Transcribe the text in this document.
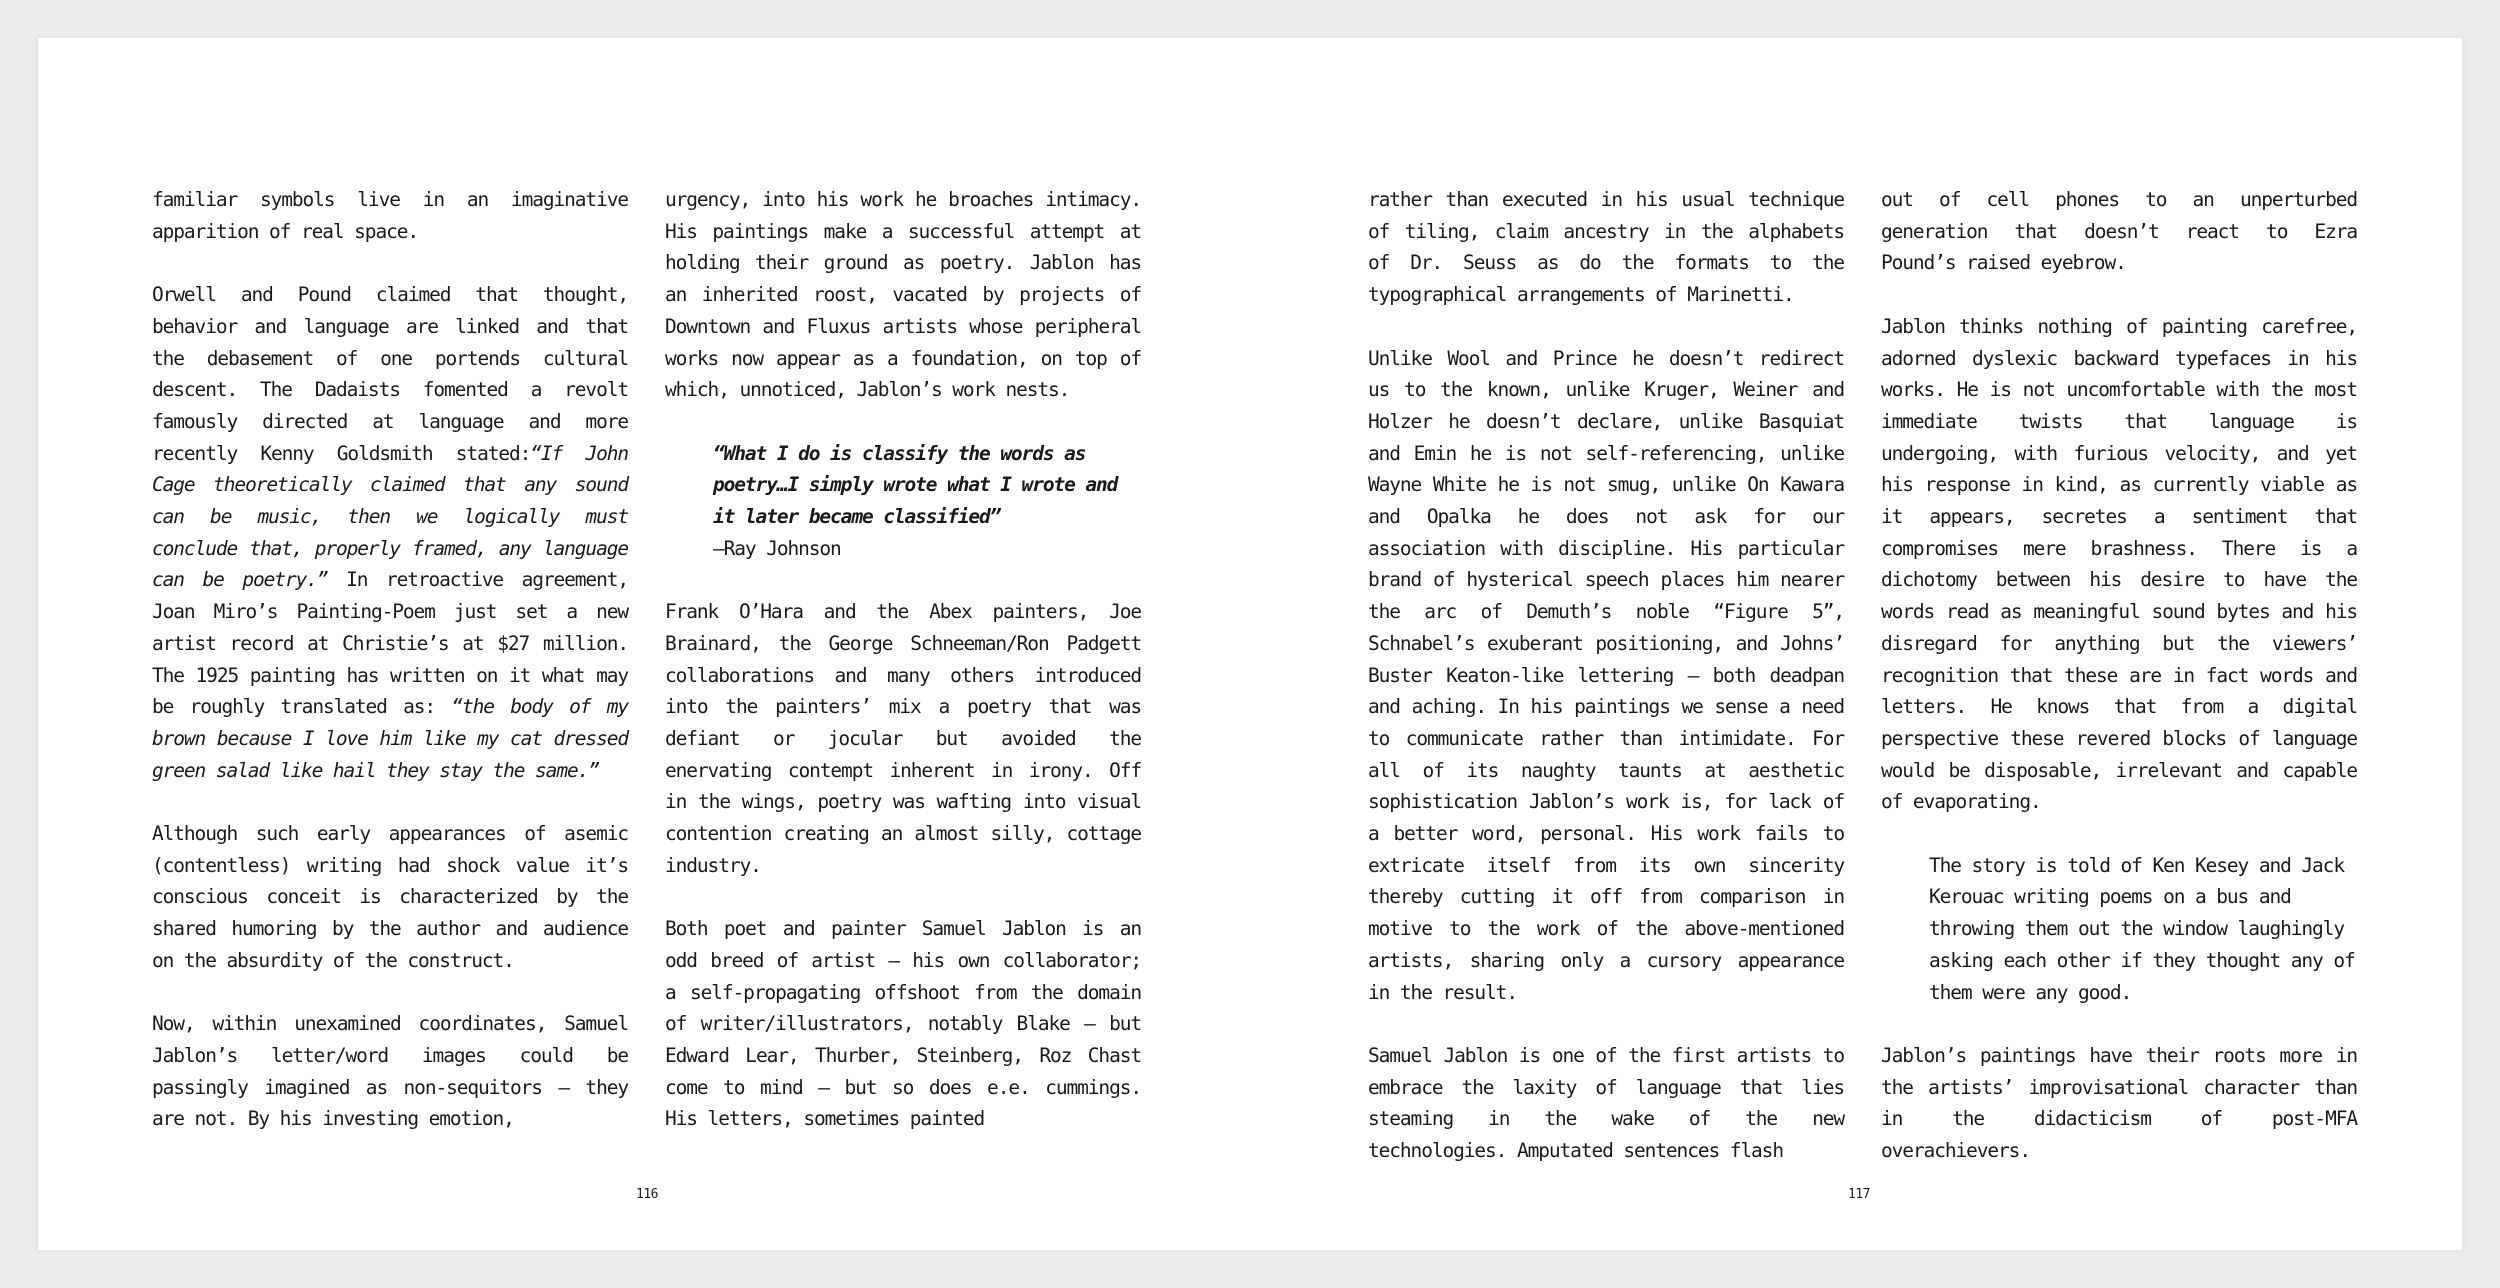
familiar symbols live in an imaginative apparition of real space.

Orwell and Pound claimed that thought, behavior and language are linked and that the debasement of one portends cultural descent. The Dadaists fomented a revolt famously directed at language and more recently Kenny Goldsmith stated:“If John Cage theoretically claimed that any sound can be music, then we logically must conclude that, properly framed, any language can be poetry.” In retroactive agreement, Joan Miro’s Painting-Poem just set a new artist record at Christie’s at $27 million. The 1925 painting has written on it what may be roughly translated as: “the body of my brown because I love him like my cat dressed green salad like hail they stay the same.”

Although such early appearances of asemic (contentless) writing had shock value it’s conscious conceit is characterized by the shared humoring by the author and audience on the absurdity of the construct.

Now, within unexamined coordinates, Samuel Jablon’s letter/word images could be passingly imagined as non-sequitors – they are not. By his investing emotion,

urgency, into his work he broaches intimacy. His paintings make a successful attempt at holding their ground as poetry. Jablon has an inherited roost, vacated by projects of Downtown and Fluxus artists whose peripheral works now appear as a foundation, on top of which, unnoticed, Jablon’s work nests.

“What I do is classify the words as poetry…I simply wrote what I wrote and it later became classified”
–Ray Johnson

Frank O’Hara and the Abex painters, Joe Brainard, the George Schneeman/Ron Padgett collaborations and many others introduced into the painters’ mix a poetry that was defiant or jocular but avoided the enervating contempt inherent in irony. Off in the wings, poetry was wafting into visual contention creating an almost silly, cottage industry.

Both poet and painter Samuel Jablon is an odd breed of artist – his own collaborator; a self-propagating offshoot from the domain of writer/illustrators, notably Blake – but Edward Lear, Thurber, Steinberg, Roz Chast come to mind – but so does e.e. cummings. His letters, sometimes painted

116

rather than executed in his usual technique of tiling, claim ancestry in the alphabets of Dr. Seuss as do the formats to the typographical arrangements of Marinetti.

Unlike Wool and Prince he doesn’t redirect us to the known, unlike Kruger, Weiner and Holzer he doesn’t declare, unlike Basquiat and Emin he is not self-referencing, unlike Wayne White he is not smug, unlike On Kawara and Opalka he does not ask for our association with discipline. His particular brand of hysterical speech places him nearer the arc of Demuth’s noble “Figure 5”, Schnabel’s exuberant positioning, and Johns’ Buster Keaton-like lettering – both deadpan and aching. In his paintings we sense a need to communicate rather than intimidate. For all of its naughty taunts at aesthetic sophistication Jablon’s work is, for lack of a better word, personal. His work fails to extricate itself from its own sincerity thereby cutting it off from comparison in motive to the work of the above-mentioned artists, sharing only a cursory appearance in the result.

Samuel Jablon is one of the first artists to embrace the laxity of language that lies steaming in the wake of the new technologies. Amputated sentences flash

out of cell phones to an unperturbed generation that doesn’t react to Ezra Pound’s raised eyebrow.

Jablon thinks nothing of painting carefree, adorned dyslexic backward typefaces in his works. He is not uncomfortable with the most immediate twists that language is undergoing, with furious velocity, and yet his response in kind, as currently viable as it appears, secretes a sentiment that compromises mere brashness. There is a dichotomy between his desire to have the words read as meaningful sound bytes and his disregard for anything but the viewers’ recognition that these are in fact words and letters. He knows that from a digital perspective these revered blocks of language would be disposable, irrelevant and capable of evaporating.

The story is told of Ken Kesey and Jack Kerouac writing poems on a bus and throwing them out the window laughingly asking each other if they thought any of them were any good.

Jablon’s paintings have their roots more in the artists’ improvisational character than in the didacticism of post-MFA overachievers.

117
